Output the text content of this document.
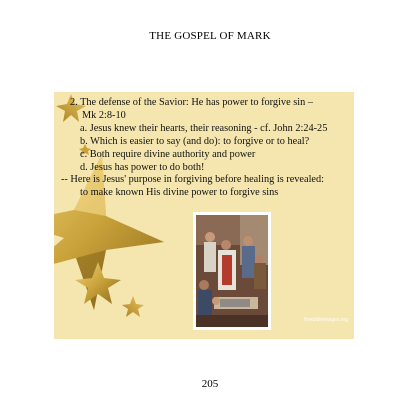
THE GOSPEL OF MARK
2. The defense of the Savior: He has power to forgive sin –
Mk 2:8-10
a. Jesus knew their hearts, their reasoning - cf. John 2:24-25
b. Which is easier to say (and do): to forgive or to heal?
c. Both require divine authority and power
d. Jesus has power to do both!
-- Here is Jesus' purpose in forgiving before healing is revealed:
to make known His divine power to forgive sins
freebibleimages.org
205
